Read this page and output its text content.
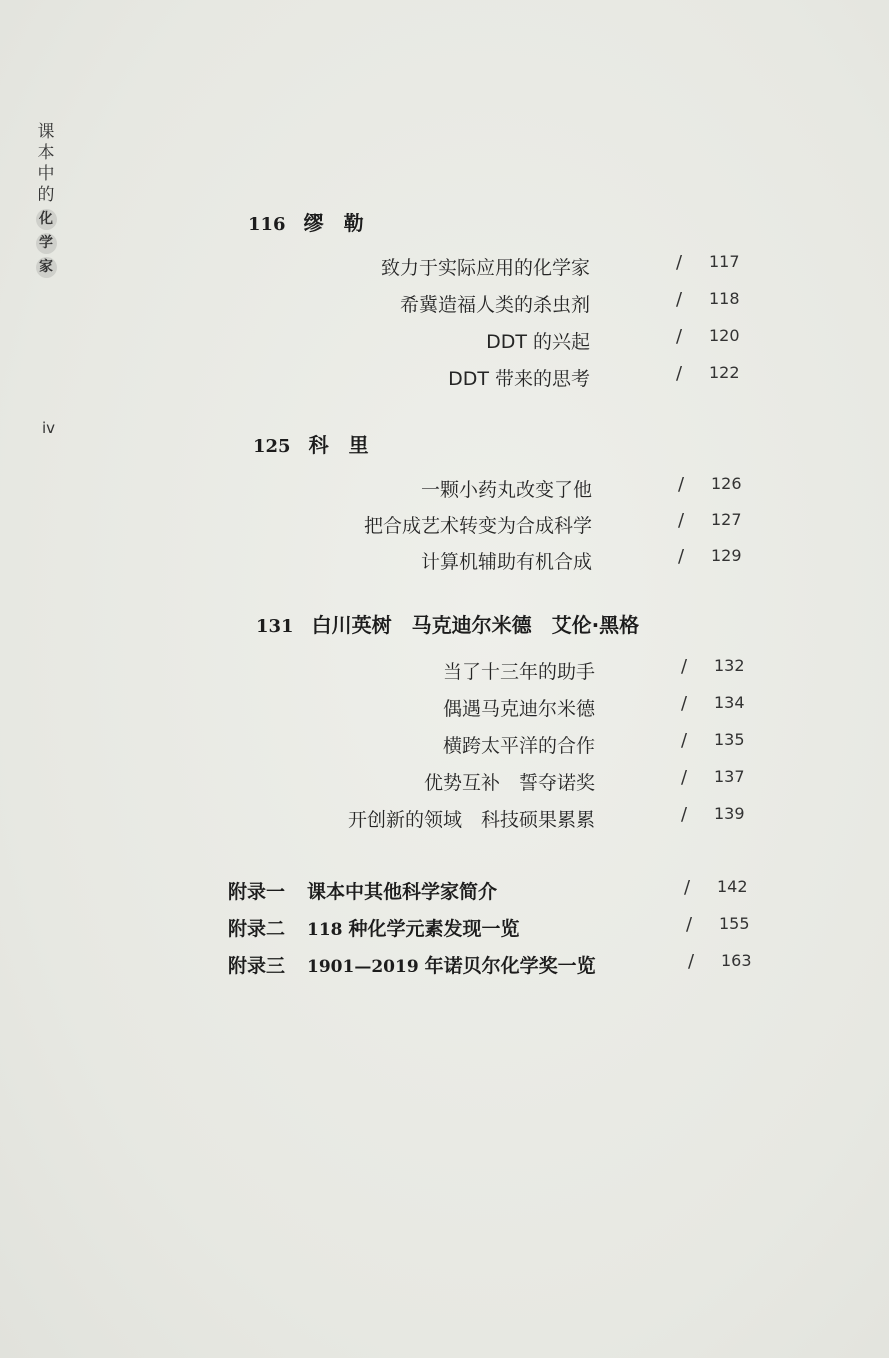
课
本
中
的
化
学
家
iv
116 缪　勒
致力于实际应用的化学家	/ 117
希冀造福人类的杀虫剂	/ 118
DDT 的兴起	/ 120
DDT 带来的思考	/ 122
125 科　里
一颗小药丸改变了他	/ 126
把合成艺术转变为合成科学	/ 127
计算机辅助有机合成	/ 129
131 白川英树　马克迪尔米德　艾伦·黑格
当了十三年的助手	/ 132
偶遇马克迪尔米德	/ 134
横跨太平洋的合作	/ 135
优势互补　誓夺诺奖	/ 137
开创新的领域　科技硕果累累	/ 139
附录一 课本中其他科学家简介	/ 142
附录二 118 种化学元素发现一览	/ 155
附录三 1901—2019 年诺贝尔化学奖一览	/ 163
